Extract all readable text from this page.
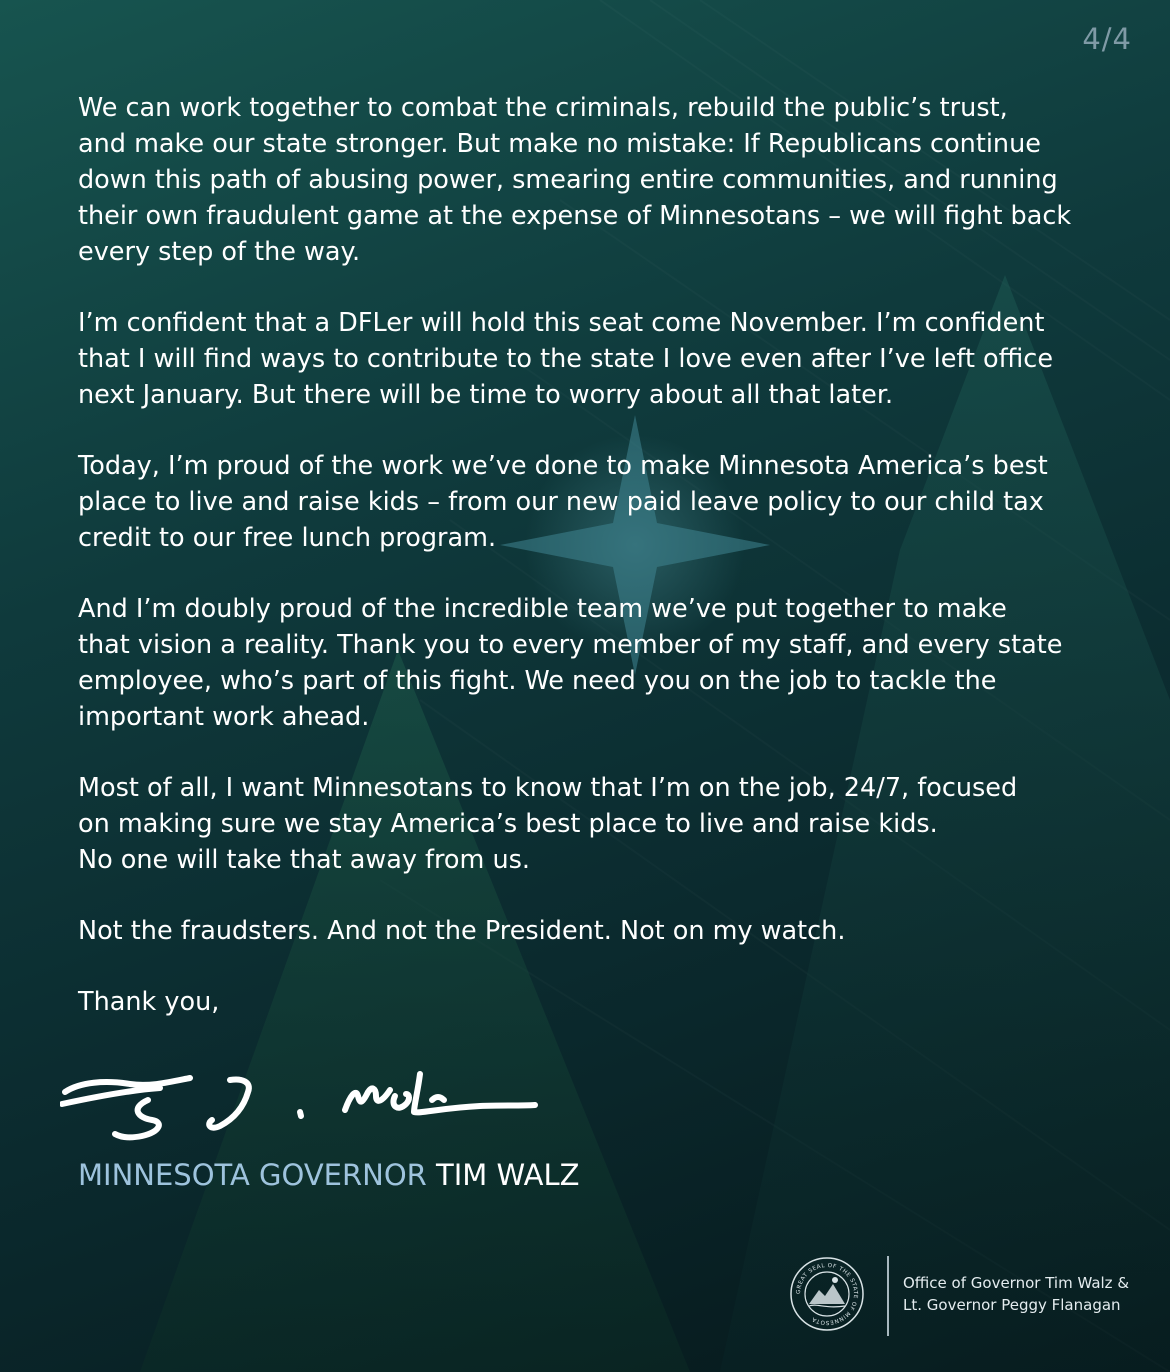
4/4

We can work together to combat the criminals, rebuild the public’s trust,
and make our state stronger. But make no mistake: If Republicans continue
down this path of abusing power, smearing entire communities, and running
their own fraudulent game at the expense of Minnesotans – we will fight back
every step of the way.

I’m confident that a DFLer will hold this seat come November. I’m confident
that I will find ways to contribute to the state I love even after I’ve left office
next January. But there will be time to worry about all that later.

Today, I’m proud of the work we’ve done to make Minnesota America’s best
place to live and raise kids – from our new paid leave policy to our child tax
credit to our free lunch program.

And I’m doubly proud of the incredible team we’ve put together to make
that vision a reality. Thank you to every member of my staff, and every state
employee, who’s part of this fight. We need you on the job to tackle the
important work ahead.

Most of all, I want Minnesotans to know that I’m on the job, 24/7, focused
on making sure we stay America’s best place to live and raise kids.
No one will take that away from us.

Not the fraudsters. And not the President. Not on my watch.

Thank you,

MINNESOTA GOVERNOR TIM WALZ
GREAT SEAL OF THE STATE OF MINNESOTA
Office of Governor Tim Walz &
Lt. Governor Peggy Flanagan
